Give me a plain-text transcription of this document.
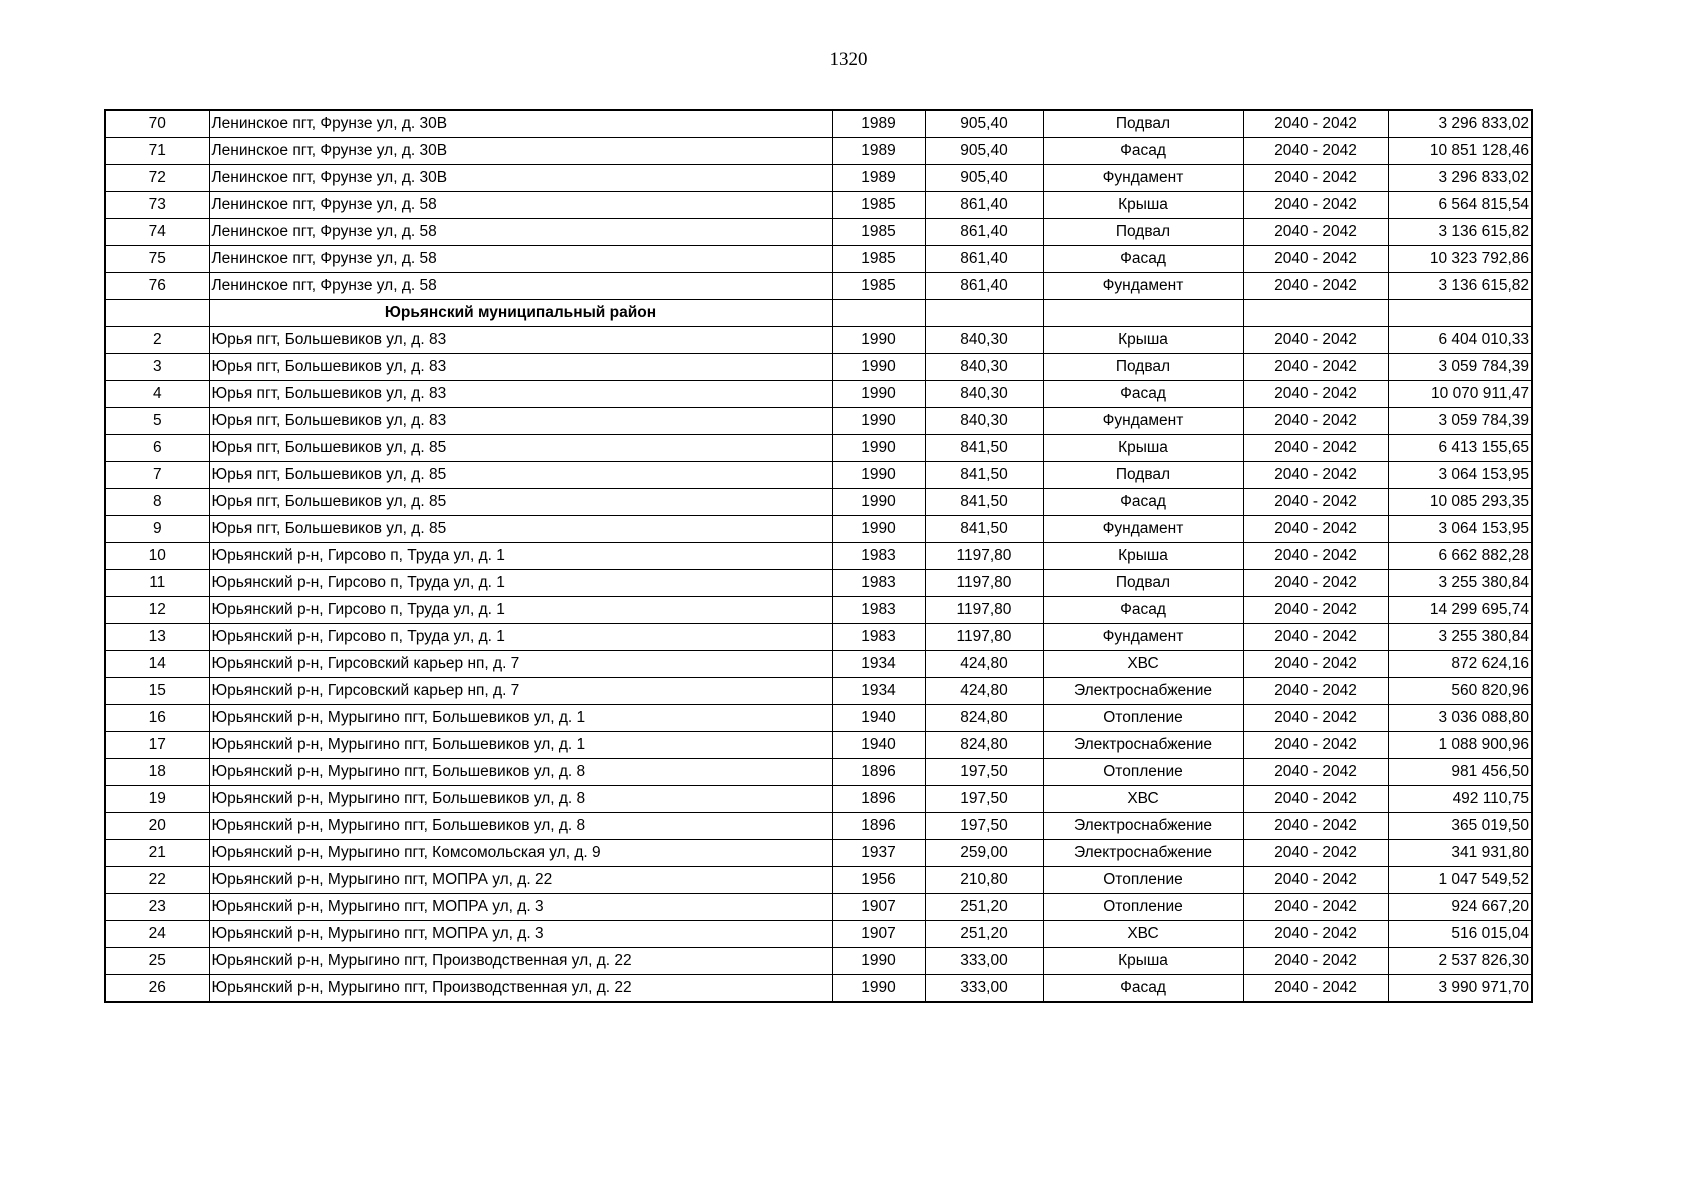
1320
70	Ленинское пгт, Фрунзе ул, д. 30В	1989	905,40	Подвал	2040 - 2042	3 296 833,02
71	Ленинское пгт, Фрунзе ул, д. 30В	1989	905,40	Фасад	2040 - 2042	10 851 128,46
72	Ленинское пгт, Фрунзе ул, д. 30В	1989	905,40	Фундамент	2040 - 2042	3 296 833,02
73	Ленинское пгт, Фрунзе ул, д. 58	1985	861,40	Крыша	2040 - 2042	6 564 815,54
74	Ленинское пгт, Фрунзе ул, д. 58	1985	861,40	Подвал	2040 - 2042	3 136 615,82
75	Ленинское пгт, Фрунзе ул, д. 58	1985	861,40	Фасад	2040 - 2042	10 323 792,86
76	Ленинское пгт, Фрунзе ул, д. 58	1985	861,40	Фундамент	2040 - 2042	3 136 615,82
	Юрьянский муниципальный район					
2	Юрья пгт, Большевиков ул, д. 83	1990	840,30	Крыша	2040 - 2042	6 404 010,33
3	Юрья пгт, Большевиков ул, д. 83	1990	840,30	Подвал	2040 - 2042	3 059 784,39
4	Юрья пгт, Большевиков ул, д. 83	1990	840,30	Фасад	2040 - 2042	10 070 911,47
5	Юрья пгт, Большевиков ул, д. 83	1990	840,30	Фундамент	2040 - 2042	3 059 784,39
6	Юрья пгт, Большевиков ул, д. 85	1990	841,50	Крыша	2040 - 2042	6 413 155,65
7	Юрья пгт, Большевиков ул, д. 85	1990	841,50	Подвал	2040 - 2042	3 064 153,95
8	Юрья пгт, Большевиков ул, д. 85	1990	841,50	Фасад	2040 - 2042	10 085 293,35
9	Юрья пгт, Большевиков ул, д. 85	1990	841,50	Фундамент	2040 - 2042	3 064 153,95
10	Юрьянский р-н, Гирсово п, Труда ул, д. 1	1983	1197,80	Крыша	2040 - 2042	6 662 882,28
11	Юрьянский р-н, Гирсово п, Труда ул, д. 1	1983	1197,80	Подвал	2040 - 2042	3 255 380,84
12	Юрьянский р-н, Гирсово п, Труда ул, д. 1	1983	1197,80	Фасад	2040 - 2042	14 299 695,74
13	Юрьянский р-н, Гирсово п, Труда ул, д. 1	1983	1197,80	Фундамент	2040 - 2042	3 255 380,84
14	Юрьянский р-н, Гирсовский карьер нп, д. 7	1934	424,80	ХВС	2040 - 2042	872 624,16
15	Юрьянский р-н, Гирсовский карьер нп, д. 7	1934	424,80	Электроснабжение	2040 - 2042	560 820,96
16	Юрьянский р-н, Мурыгино пгт, Большевиков ул, д. 1	1940	824,80	Отопление	2040 - 2042	3 036 088,80
17	Юрьянский р-н, Мурыгино пгт, Большевиков ул, д. 1	1940	824,80	Электроснабжение	2040 - 2042	1 088 900,96
18	Юрьянский р-н, Мурыгино пгт, Большевиков ул, д. 8	1896	197,50	Отопление	2040 - 2042	981 456,50
19	Юрьянский р-н, Мурыгино пгт, Большевиков ул, д. 8	1896	197,50	ХВС	2040 - 2042	492 110,75
20	Юрьянский р-н, Мурыгино пгт, Большевиков ул, д. 8	1896	197,50	Электроснабжение	2040 - 2042	365 019,50
21	Юрьянский р-н, Мурыгино пгт, Комсомольская ул, д. 9	1937	259,00	Электроснабжение	2040 - 2042	341 931,80
22	Юрьянский р-н, Мурыгино пгт, МОПРА ул, д. 22	1956	210,80	Отопление	2040 - 2042	1 047 549,52
23	Юрьянский р-н, Мурыгино пгт, МОПРА ул, д. 3	1907	251,20	Отопление	2040 - 2042	924 667,20
24	Юрьянский р-н, Мурыгино пгт, МОПРА ул, д. 3	1907	251,20	ХВС	2040 - 2042	516 015,04
25	Юрьянский р-н, Мурыгино пгт, Производственная ул, д. 22	1990	333,00	Крыша	2040 - 2042	2 537 826,30
26	Юрьянский р-н, Мурыгино пгт, Производственная ул, д. 22	1990	333,00	Фасад	2040 - 2042	3 990 971,70
